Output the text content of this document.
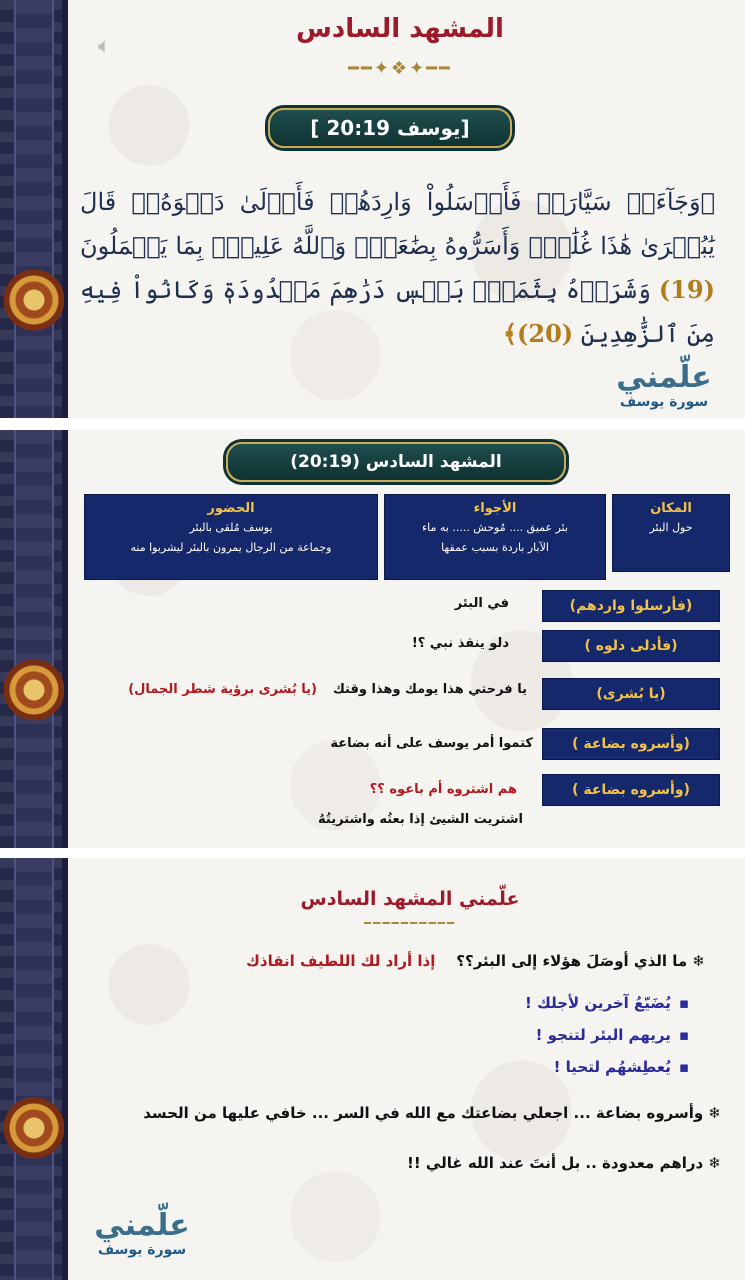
🔈︎
المشهد السادس
━━✦❖✦━━
[يوسف 20:19 ]
﴿وَجَآءَتۡ سَيَّارَةٞ فَأَرۡسَلُواْ وَارِدَهُمۡ فَأَدۡلَىٰ دَلۡوَهُۥۖ قَالَ يَٰبُشۡرَىٰ هَٰذَا غُلَٰمٞۚ وَأَسَرُّوهُ بِضَٰعَةٗۚ وَٱللَّهُ عَلِيمُۢ بِمَا يَعۡمَلُونَ (19) وَشَرَوۡهُ بِثَمَنِۭ بَخۡسٖ دَرَٰهِمَ مَعۡدُودَةٖ وَكَانُواْ فِيهِ مِنَ ٱلزَّٰهِدِينَ (20)﴾
علّمني
سورة يوسف
المشهد السادس (20:19)
المكان
حول البئر
الأجواء
بئر عميق .... مُوحش ..... به ماء
الآبار باردة بسبب عمقها
الحضور
يوسف مُلقى بالبئر
وجماعة من الرجال يمرون بالبئر ليشربوا منه
(فأرسلوا واردهم)
في البئر
(فأدلى دلوه )
دلو ينقذ نبي ؟!
(يا بُشرى)
يا فرحتي هذا يومك وهذا وقتك
(يا بُشرى برؤية شطر الجمال)
(وأسروه بضاعة )
كتموا أمر يوسف على أنه بضاعة
(وأسروه بضاعة )
هم اشتروه أم باعوه ؟؟
اشتريت الشيئ إذا بعتُه واشتريتُهُ
علّمني المشهد السادس
━━━━━━━━━━
❄ ما الذي أوصَلَ هؤلاء إلى البئر؟؟    إذا أراد لك اللطيف انقاذك
▪يُضَيّعُ آخرين لأجلك !
▪يريهم البئر لتنجو !
▪يُعطِشهُم لتحيا !
❄ وأسروه بضاعة ... اجعلي بضاعتك مع الله في السر ... خافي عليها من الحسد
❄ دراهم معدودة .. بل أنتَ عند الله غالي !!
علّمني
سورة يوسف
